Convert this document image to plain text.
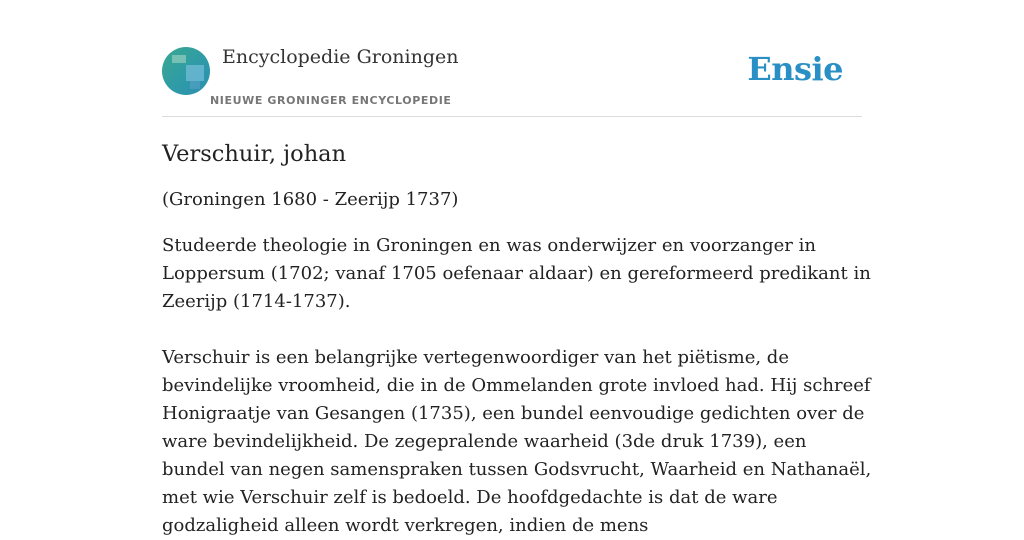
Encyclopedie Groningen
NIEUWE GRONINGER ENCYCLOPEDIE
Ensie
Verschuir, johan

(Groningen 1680 - Zeerijp 1737)

Studeerde theologie in Groningen en was onderwijzer en voorzanger in Loppersum (1702; vanaf 1705 oefenaar aldaar) en gereformeerd predikant in Zeerijp (1714-1737).

Verschuir is een belangrijke vertegenwoordiger van het piëtisme, de bevindelijke vroomheid, die in de Ommelanden grote invloed had. Hij schreef Honigraatje van Gesangen (1735), een bundel eenvoudige gedichten over de ware bevindelijkheid. De zegepralende waarheid (3de druk 1739), een bundel van negen samenspraken tussen Godsvrucht, Waarheid en Nathanaël, met wie Verschuir zelf is bedoeld. De hoofdgedachte is dat de ware godzaligheid alleen wordt verkregen, indien de mens
